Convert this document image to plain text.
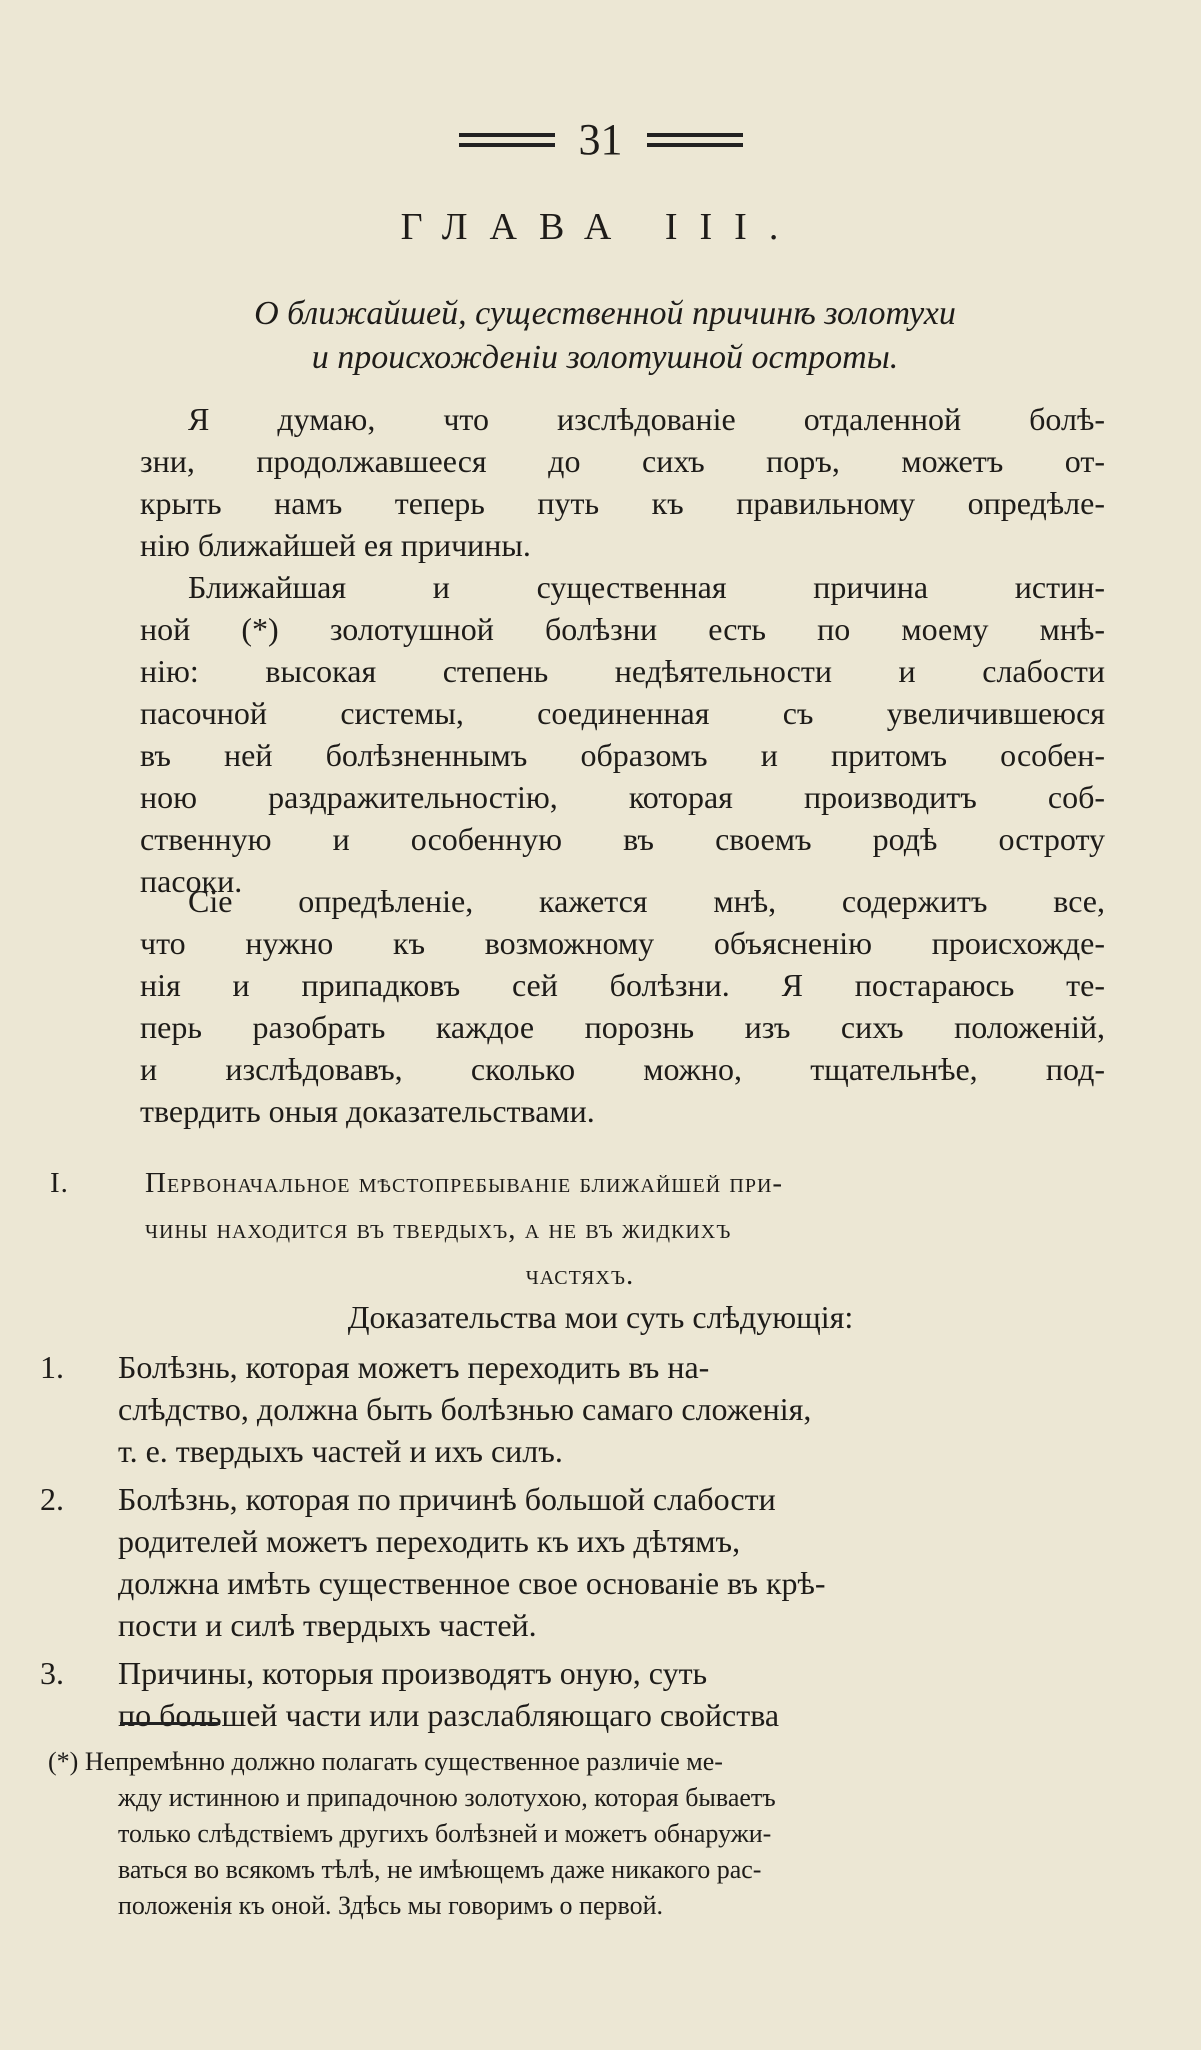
31
ГЛАВА III.
О ближайшей, существенной причинѣ золотухи
и происхожденіи золотушной остроты.
Я думаю, что изслѣдованіе отдаленной болѣ-
зни, продолжавшееся до сихъ поръ, можетъ от-
крыть намъ теперь путь къ правильному опредѣле-
нію ближайшей ея причины.
Ближайшая и существенная причина истин-
ной (*) золотушной болѣзни есть по моему мнѣ-
нію: высокая степень недѣятельности и слабости
пасочной системы, соединенная съ увеличившеюся
въ ней болѣзненнымъ образомъ и притомъ особен-
ною раздражительностію, которая производитъ соб-
ственную и особенную въ своемъ родѣ остроту
пасоки.
Сіе опредѣленіе, кажется мнѣ, содержитъ все,
что нужно къ возможному объясненію происхожде-
нія и припадковъ сей болѣзни. Я постараюсь те-
перь разобрать каждое порознь изъ сихъ положеній,
и изслѣдовавъ, сколько можно, тщательнѣе, под-
твердить оныя доказательствами.
I.	Первоначальное мѣстопребываніе ближайшей при-
чины находится въ твердыхъ, а не въ жидкихъ
частяхъ.
Доказательства мои суть слѣдующія:
1. Болѣзнь, которая можетъ переходить въ на-
слѣдство, должна быть болѣзнью самаго сложенія,
т. е. твердыхъ частей и ихъ силъ.
2. Болѣзнь, которая по причинѣ большой слабости
родителей можетъ переходить къ ихъ дѣтямъ,
должна имѣть существенное свое основаніе въ крѣ-
пости и силѣ твердыхъ частей.
3. Причины, которыя производятъ оную, суть
по большей части или разслабляющаго свойства
(*) Непремѣнно должно полагать существенное различіе ме-
жду истинною и припадочною золотухою, которая бываетъ
только слѣдствіемъ другихъ болѣзней и можетъ обнаружи-
ваться во всякомъ тѣлѣ, не имѣющемъ даже никакого рас-
положенія къ оной. Здѣсь мы говоримъ о первой.
